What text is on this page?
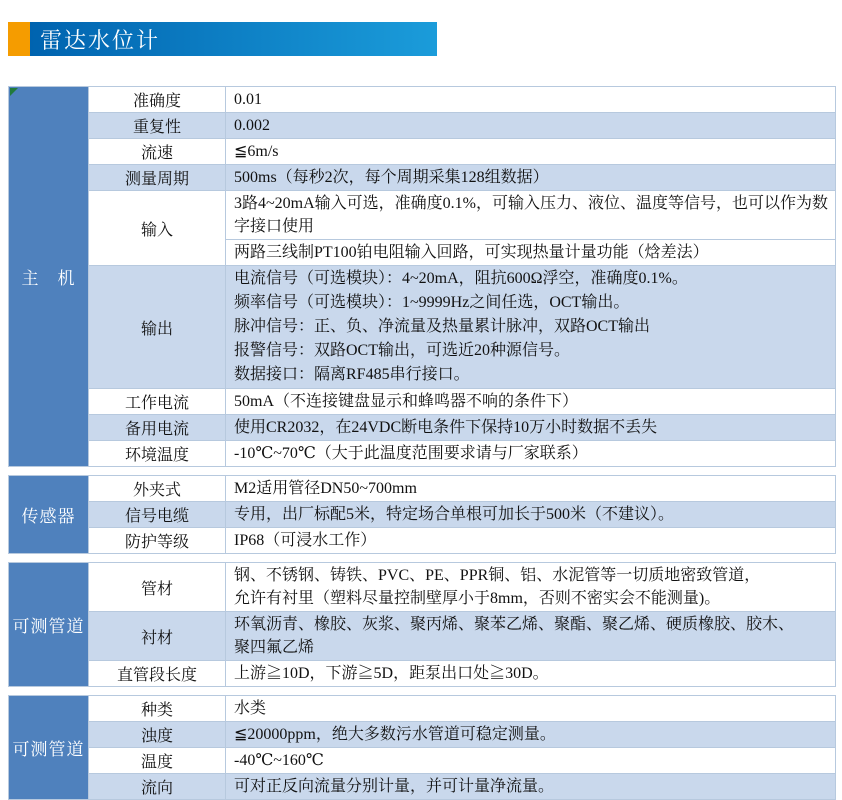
雷达水位计
主　机	准确度	0.01
	重复性	0.002
	流速	≦6m/s
	测量周期	500ms（每秒2次，每个周期采集128组数据）
	输入	3路4~20mA输入可选，准确度0.1%，可输入压力、液位、温度等信号，也可以作为数字接口使用
		两路三线制PT100铂电阻输入回路，可实现热量计量功能（焓差法）
	输出	电流信号（可选模块）：4~20mA，阻抗600Ω浮空，准确度0.1%。
频率信号（可选模块）：1~9999Hz之间任选，OCT输出。
脉冲信号：正、负、净流量及热量累计脉冲，双路OCT输出
报警信号：双路OCT输出，可选近20种源信号。
数据接口：隔离RF485串行接口。

	工作电流	50mA（不连接键盘显示和蜂鸣器不响的条件下）
	备用电流	使用CR2032，在24VDC断电条件下保持10万小时数据不丢失
	环境温度	-10℃~70℃（大于此温度范围要求请与厂家联系）
传感器	外夹式	M2适用管径DN50~700mm
	信号电缆	专用，出厂标配5米，特定场合单根可加长于500米（不建议）。
	防护等级	IP68（可浸水工作）
可测管道	管材	钢、不锈钢、铸铁、PVC、PE、PPR铜、铝、水泥管等一切质地密致管道，
允许有衬里（塑料尽量控制壁厚小于8mm，否则不密实会不能测量)。

	衬材	环氧沥青、橡胶、灰浆、聚丙烯、聚苯乙烯、聚酯、聚乙烯、硬质橡胶、胶木、
聚四氟乙烯

	直管段长度	上游≧10D，下游≧5D，距泵出口处≧30D。
可测管道	种类	水类
	浊度	≦20000ppm，绝大多数污水管道可稳定测量。
	温度	-40℃~160℃
	流向	可对正反向流量分别计量，并可计量净流量。
